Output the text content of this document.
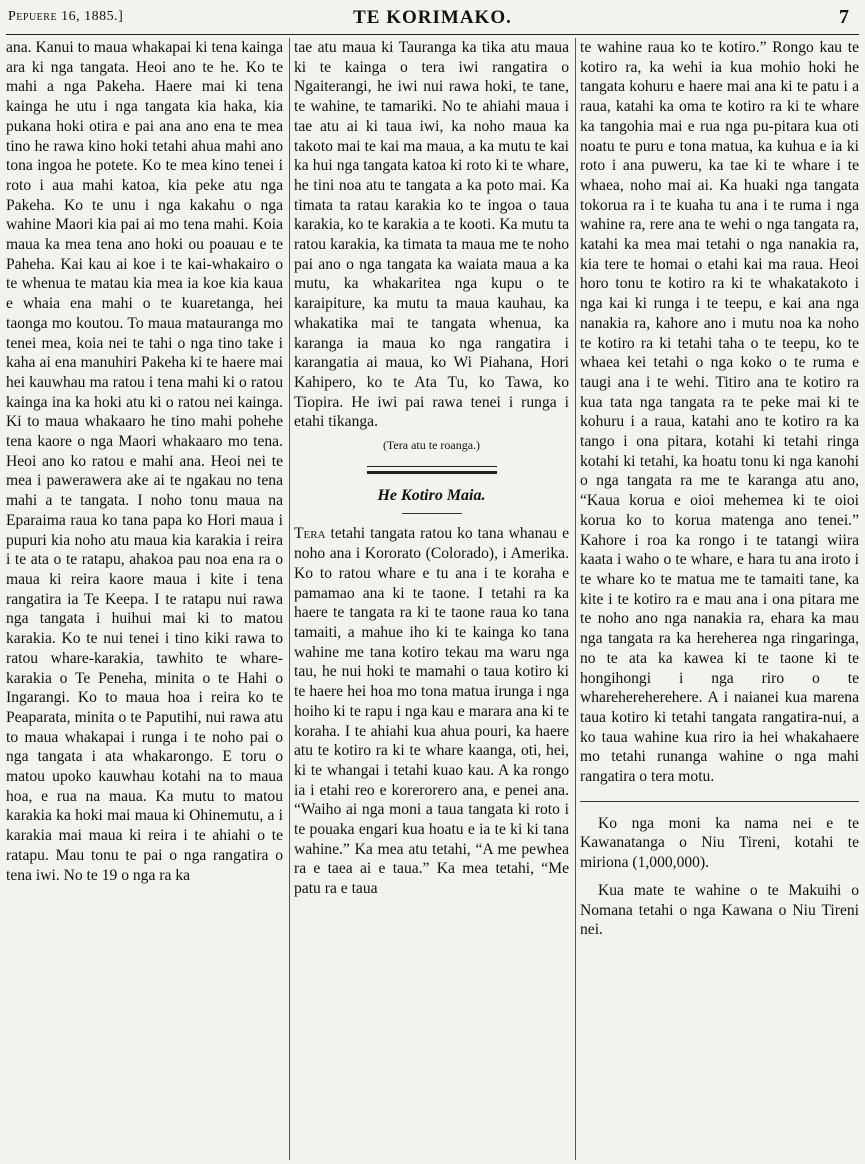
Pepuere 16, 1885.]	TE KORIMAKO.	7

ana. Kanui to maua whakapai ki tena kainga ara ki nga tangata. Heoi ano te he. Ko te mahi a nga Pakeha. Haere mai ki tena kainga he utu i nga tangata kia haka, kia pukana hoki otira e pai ana ano ena te mea tino he rawa kino hoki tetahi ahua mahi ano tona ingoa he potete. Ko te mea kino tenei i roto i aua mahi katoa, kia peke atu nga Pakeha. Ko te unu i nga kakahu o nga wahine Maori kia pai ai mo tena mahi. Koia maua ka mea tena ano hoki ou poauau e te Paheha. Kai kau ai koe i te kai-whakairo o te whenua te matau kia mea ia koe kia kaua e whaia ena mahi o te kuaretanga, hei taonga mo koutou. To maua matauranga mo tenei mea, koia nei te tahi o nga tino take i kaha ai ena manuhiri Pakeha ki te haere mai hei kauwhau ma ratou i tena mahi ki o ratou kainga ina ka hoki atu ki o ratou nei kainga. Ki to maua whakaaro he tino mahi pohehe tena kaore o nga Maori whakaaro mo tena. Heoi ano ko ratou e mahi ana. Heoi nei te mea i pawerawera ake ai te ngakau no tena mahi a te tangata. I noho tonu maua na Eparaima raua ko tana papa ko Hori maua i pupuri kia noho atu maua kia karakia i reira i te ata o te ratapu, ahakoa pau noa ena ra o maua ki reira kaore maua i kite i tena rangatira ia Te Keepa. I te ratapu nui rawa nga tangata i huihui mai ki to matou karakia. Ko te nui tenei i tino kiki rawa to ratou whare-karakia, tawhito te whare-karakia o Te Peneha, minita o te Hahi o Ingarangi. Ko to maua hoa i reira ko te Peaparata, minita o te Paputihi, nui rawa atu to maua whakapai i runga i te noho pai o nga tangata i ata whakarongo. E toru o matou upoko kauwhau kotahi na to maua hoa, e rua na maua. Ka mutu to matou karakia ka hoki mai maua ki Ohinemutu, a i karakia mai maua ki reira i te ahiahi o te ratapu. Mau tonu te pai o nga rangatira o tena iwi. No te 19 o nga ra ka

tae atu maua ki Tauranga ka tika atu maua ki te kainga o tera iwi rangatira o Ngaiterangi, he iwi nui rawa hoki, te tane, te wahine, te tamariki. No te ahiahi maua i tae atu ai ki taua iwi, ka noho maua ka takoto mai te kai ma maua, a ka mutu te kai ka hui nga tangata katoa ki roto ki te whare, he tini noa atu te tangata a ka poto mai. Ka timata ta ratau karakia ko te ingoa o taua karakia, ko te karakia a te kooti. Ka mutu ta ratou karakia, ka timata ta maua me te noho pai ano o nga tangata ka waiata maua a ka mutu, ka whakaritea nga kupu o te karaipiture, ka mutu ta maua kauhau, ka whakatika mai te tangata whenua, ka karanga ia maua ko nga rangatira i karangatia ai maua, ko Wi Piahana, Hori Kahipero, ko te Ata Tu, ko Tawa, ko Tiopira. He iwi pai rawa tenei i runga i etahi tikanga.

(Tera atu te roanga.)

He Kotiro Maia.

Tera tetahi tangata ratou ko tana whanau e noho ana i Kororato (Colorado), i Amerika. Ko to ratou whare e tu ana i te koraha e pamamao ana ki te taone. I tetahi ra ka haere te tangata ra ki te taone raua ko tana tamaiti, a mahue iho ki te kainga ko tana wahine me tana kotiro tekau ma waru nga tau, he nui hoki te mamahi o taua kotiro ki te haere hei hoa mo tona matua irunga i nga hoiho ki te rapu i nga kau e marara ana ki te koraha. I te ahiahi kua ahua pouri, ka haere atu te kotiro ra ki te whare kaanga, oti, hei, ki te whangai i tetahi kuao kau. A ka rongo ia i etahi reo e korerorero ana, e penei ana. “Waiho ai nga moni a taua tangata ki roto i te pouaka engari kua hoatu e ia te ki ki tana wahine.” Ka mea atu tetahi, “A me pewhea ra e taea ai e taua.” Ka mea tetahi, “Me patu ra e taua

te wahine raua ko te kotiro.” Rongo kau te kotiro ra, ka wehi ia kua mohio hoki he tangata kohuru e haere mai ana ki te patu i a raua, katahi ka oma te kotiro ra ki te whare ka tangohia mai e rua nga pu-pitara kua oti noatu te puru e tona matua, ka kuhua e ia ki roto i ana puweru, ka tae ki te whare i te whaea, noho mai ai. Ka huaki nga tangata tokorua ra i te kuaha tu ana i te ruma i nga wahine ra, rere ana te wehi o nga tangata ra, katahi ka mea mai tetahi o nga nanakia ra, kia tere te homai o etahi kai ma raua. Heoi horo tonu te kotiro ra ki te whakatakoto i nga kai ki runga i te teepu, e kai ana nga nanakia ra, kahore ano i mutu noa ka noho te kotiro ra ki tetahi taha o te teepu, ko te whaea kei tetahi o nga koko o te ruma e taugi ana i te wehi. Titiro ana te kotiro ra kua tata nga tangata ra te peke mai ki te kohuru i a raua, katahi ano te kotiro ra ka tango i ona pitara, kotahi ki tetahi ringa kotahi ki tetahi, ka hoatu tonu ki nga kanohi o nga tangata ra me te karanga atu ano, “Kaua korua e oioi mehemea ki te oioi korua ko to korua matenga ano tenei.” Kahore i roa ka rongo i te tatangi wiira kaata i waho o te whare, e hara tu ana iroto i te whare ko te matua me te tamaiti tane, ka kite i te kotiro ra e mau ana i ona pitara me te noho ano nga nanakia ra, ehara ka mau nga tangata ra ka hereherea nga ringaringa, no te ata ka kawea ki te taone ki te hongihongi i nga riro o te wharehereherehere. A i naianei kua marena taua kotiro ki tetahi tangata rangatira-nui, a ko taua wahine kua riro ia hei whakahaere mo tetahi runanga wahine o nga mahi rangatira o tera motu.

Ko nga moni ka nama nei e te Kawanatanga o Niu Tireni, kotahi te miriona (1,000,000).

Kua mate te wahine o te Makuihi o Nomana tetahi o nga Kawana o Niu Tireni nei.
